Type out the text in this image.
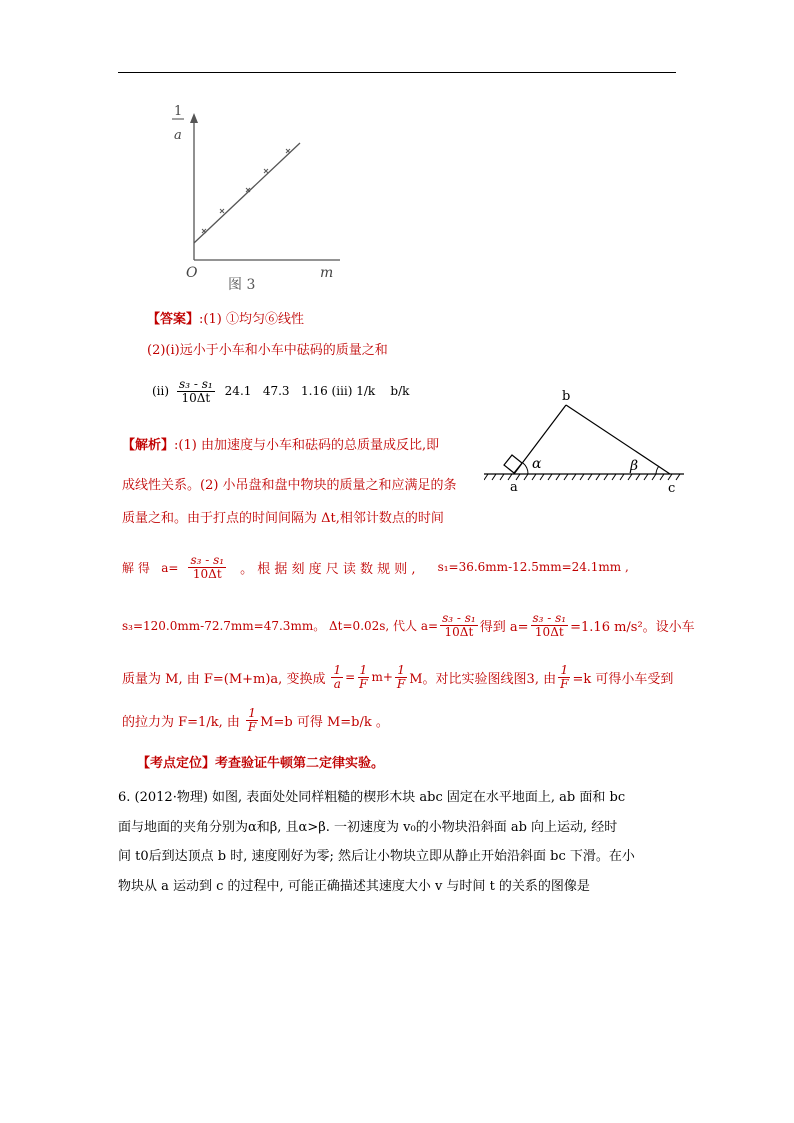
1
a
O	m
图 3
【答案】:(1) ①均匀⑥线性
(2)(ⅰ)远小于小车和小车中砝码的质量之和
(ⅱ) $\frac{\text{s₃ - s₁}}{10\Delta t} 24.1$   47.3   1.16 (ⅲ) 1/k    b/k	b
a	c
α	β
【解析】:(1) 由加速度与小车和砝码的总质量成反比,即
成线性关系。(2) 小吊盘和盘中物块的质量之和应满足的条
质量之和。由于打点的时间间隔为 Δt,相邻计数点的时间
解 得   $a= \frac{\text{s₃ - s₁}}{10\Delta t}$ 。 根 据 刻 度 尺 读 数 规 则 , s₁=36.6mm-12.5mm=24.1mm ,
s₃=120.0mm-72.7mm=47.3mm。 Δt=0.02s, 代人 $a= \frac{\text{s₃ - s₁}}{10\Delta t}$ 得到 $a= \frac{\text{s₃ - s₁}}{10\Delta t} =1.16$ m/s²。设小车
质量为 M, 由 F=(M+m)a, 变换成 $\frac{1}{a} = \frac{1}{F} m+ \frac{1}{F}$ M。对比实验图线图3, 由 $\frac{1}{F} =k$ 可得小车受到
的拉力为 F=1/k, 由 $\frac{1}{F} M=b$ 可得 M=b/k 。
【考点定位】考查验证牛顿第二定律实验。
6. (2012·物理) 如图, 表面处处同样粗糙的楔形木块 abc 固定在水平地面上, ab 面和 bc
面与地面的夹角分别为α和β, 且α>β. 一初速度为 v₀的小物块沿斜面 ab 向上运动, 经时
间 t0后到达顶点 b 时, 速度刚好为零; 然后让小物块立即从静止开始沿斜面 bc 下滑。在小
物块从 a 运动到 c 的过程中, 可能正确描述其速度大小 v 与时间 t 的关系的图像是
